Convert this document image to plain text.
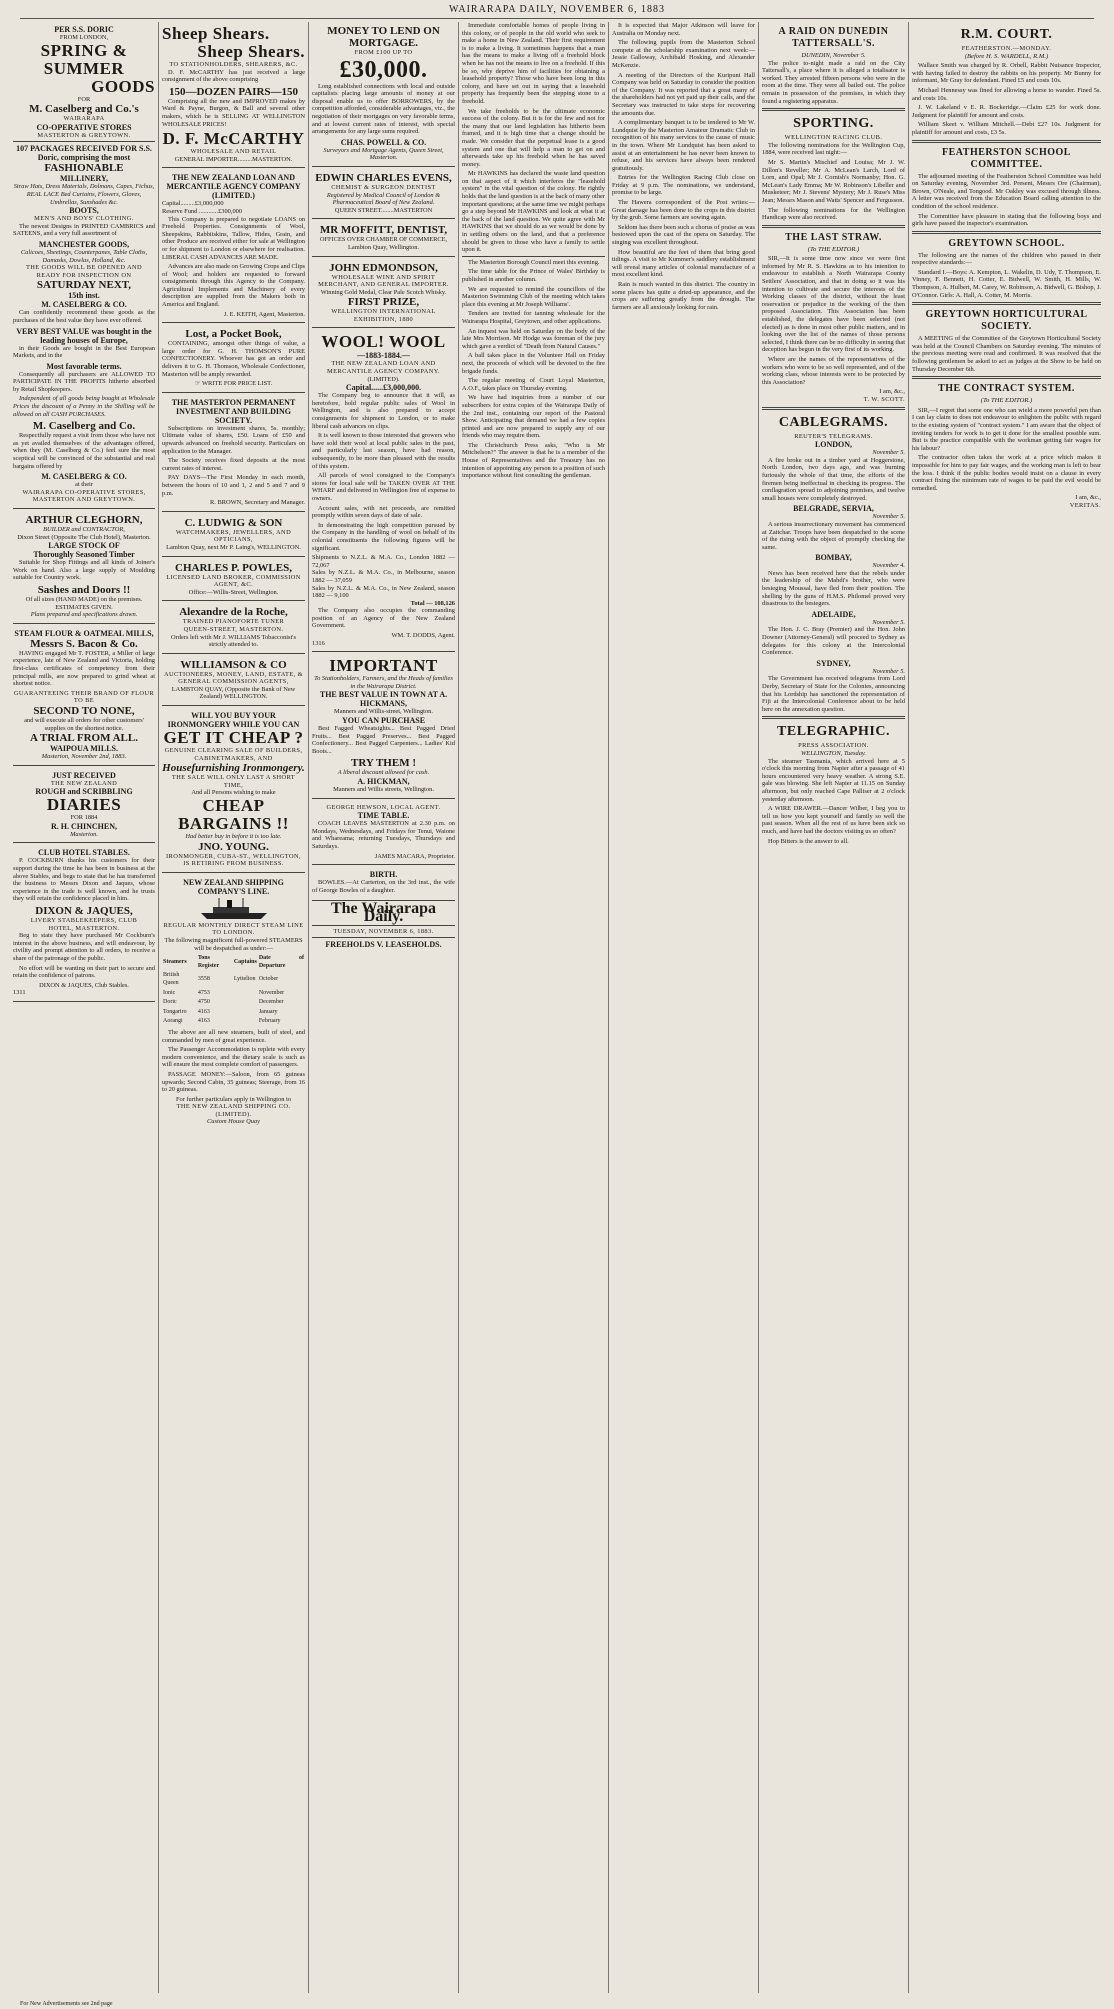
WAIRARAPA DAILY, NOVEMBER 6, 1883
PER S.S. DORIC
FROM LONDON,
SPRING &
SUMMER
GOODS
FOR
M. Caselberg and Co.'s
WAIRARAPA
CO-OPERATIVE STORES
MASTERTON & GREYTOWN.
107 PACKAGES RECEIVED FOR S.S. Doric, comprising the most
FASHIONABLE
MILLINERY,
Straw Hats, Dress Materials, Dolmans, Capes, Fichus, REAL LACE Bed Curtains, Flowers, Gloves, Umbrellas, Sunshades &c.
BOOTS,
MEN'S AND BOYS' CLOTHING.

The newest Designs in PRINTED CAMBRICS and SATEENS, and a very full assortment of

MANCHESTER GOODS,
Calicoes, Sheetings, Counterpanes, Table Cloths, Damasks, Dowlas, Holland, &c.
THE GOODS WILL BE OPENED AND READY FOR INSPECTION ON
SATURDAY NEXT,
15th inst.
M. CASELBERG & CO.

Can confidently recommend these goods as the purchases of the best value they have ever offered.

VERY BEST VALUE was bought in the leading houses of Europe,

in their Goods are bought in the Best European Markets, and in the

Most favorable terms.

Consequently all purchasers are ALLOWED TO PARTICIPATE IN THE PROFITS hitherto absorbed by Retail Shopkeepers.

Independent of all goods being bought at Wholesale Prices the discount of a Penny in the Shilling will be allowed on all CASH PURCHASES.

M. Caselberg and Co.

Respectfully request a visit from those who have not as yet availed themselves of the advantages offered, when they (M. Caselberg & Co.) feel sure the most sceptical will be convinced of the substantial and real bargains offered by

M. CASELBERG & CO.
at their
WAIRARAPA CO-OPERATIVE STORES,
MASTERTON AND GREYTOWN.
ARTHUR CLEGHORN,
BUILDER and CONTRACTOR,
Dixon Street (Opposite The Club Hotel), Masterton.
LARGE STOCK OF
Thoroughly Seasoned Timber

Suitable for Shop Fittings and all kinds of Joiner's Work on hand. Also a large supply of Moulding suitable for Country work.

Sashes and Doors !!
Of all sizes (HAND MADE) on the premises. ESTIMATES GIVEN.
Plans prepared and specifications drawn.
STEAM FLOUR & OATMEAL MILLS,
Messrs S. Bacon & Co.

HAVING engaged Mr T. FOSTER, a Miller of large experience, late of New Zealand and Victoria, holding first-class certificates of competency from their principal mills, are now prepared to grind wheat at shortest notice.

GUARANTEEING THEIR BRAND OF FLOUR TO BE
SECOND TO NONE,
and will execute all orders for other customers' supplies on the shortest notice.
A TRIAL FROM ALL.
WAIPOUA MILLS.
Masterton, November 2nd, 1883.
JUST RECEIVED
THE NEW ZEALAND
ROUGH and SCRIBBLING
DIARIES
FOR 1884
R. H. CHINCHEN,
Masterton.
CLUB HOTEL STABLES.

P. COCKBURN thanks his customers for their support during the time he has been in business at the above Stables, and begs to state that he has transferred the business to Messrs Dixon and Jaques, whose experience in the trade is well known, and he trusts they will retain the confidence placed in him.

DIXON & JAQUES,
LIVERY STABLEKEEPERS, CLUB
HOTEL, MASTERTON.

Beg to state they have purchased Mr Cockburn's interest in the above business, and will endeavour, by civility and prompt attention to all orders, to receive a share of the patronage of the public.

No effort will be wanting on their part to secure and retain the confidence of patrons.

DIXON & JAQUES, Club Stables.
1311
Sheep Shears.
Sheep Shears.
TO STATIONHOLDERS, SHEARERS, &C.

D. F. McCARTHY has just received a large consignment of the above comprising

150—DOZEN PAIRS—150

Comprising all the new and IMPROVED makes by Ward & Payne, Burgon, & Ball and several other makers, which he is SELLING AT WELLINGTON WHOLESALE PRICES!

D. F. McCARTHY
WHOLESALE AND RETAIL
GENERAL IMPORTER.........MASTERTON.
THE NEW ZEALAND LOAN AND MERCANTILE AGENCY COMPANY (LIMITED.)
Capital.........£3,000,000
Reserve Fund ............£300,000

This Company is prepared to negotiate LOANS on Freehold Properties. Consignments of Wool, Sheepskins, Rabbitskins, Tallow, Hides, Grain, and other Produce are received either for sale at Wellington or for shipment to London or elsewhere for realisation. LIBERAL CASH ADVANCES ARE MADE.

Advances are also made on Growing Crops and Clips of Wool; and holders are requested to forward consignments through this Agency to the Company. Agricultural Implements and Machinery of every description are supplied from the Makers both in America and England.

J. E. KEITH, Agent, Masterton.
Lost, a Pocket Book,

CONTAINING, amongst other things of value, a large order for G. H. THOMSON'S PURE CONFECTIONERY. Whoever has got an order and delivers it to G. H. Thomson, Wholesale Confectioner, Masterton will be amply rewarded.

☞ WRITE FOR PRICE LIST.
THE MASTERTON PERMANENT INVESTMENT AND BUILDING SOCIETY.

Subscriptions on investment shares, 5s. monthly; Ultimate value of shares, £50. Loans of £50 and upwards advanced on freehold security. Particulars on application to the Manager.

The Society receives fixed deposits at the most current rates of interest.

PAY DAYS—The First Monday in each month, between the hours of 10 and 1, 2 and 5 and 7 and 9 p.m.

R. BROWN, Secretary and Manager.
C. LUDWIG & SON
WATCHMAKERS, JEWELLERS, AND OPTICIANS,
Lambton Quay, next Mr P. Laing's, WELLINGTON.
CHARLES P. POWLES,
LICENSED LAND BROKER, COMMISSION AGENT, &C.
Office:—Willis-Street, Wellington.
Alexandre de la Roche,
TRAINED PIANOFORTE TUNER
QUEEN-STREET, MASTERTON.
Orders left with Mr J. WILLIAMS Tobacconist's strictly attended to.
WILLIAMSON & CO
AUCTIONEERS, MONEY, LAND, ESTATE, & GENERAL COMMISSION AGENTS,
LAMBTON QUAY, (Opposite the Bank of New Zealand) WELLINGTON.
WILL YOU BUY YOUR IRONMONGERY WHILE YOU CAN
GET IT CHEAP ?
GENUINE CLEARING SALE OF BUILDERS, CABINETMAKERS, AND
Housefurnishing Ironmongery.
THE SALE WILL ONLY LAST A SHORT TIME,
And all Persons wishing to make
CHEAP BARGAINS !!
Had better buy in before it is too late.
JNO. YOUNG.
IRONMONGER, CUBA-ST., WELLINGTON, IS RETIRING FROM BUSINESS.
NEW ZEALAND SHIPPING COMPANY'S LINE.
REGULAR MONTHLY DIRECT STEAM LINE TO LONDON.
The following magnificent full-powered STEAMERS will be despatched as under:—
Steamers	Tons Register	Captains	Date of Departure
British Queen	3558	Lyttelton	October
Ionic	4753		November
Doric	4750		December
Tongariro	4163		January
Aorangi	4163		February

The above are all new steamers, built of steel, and commanded by men of great experience.

The Passenger Accommodation is replete with every modern convenience, and the dietary scale is such as will ensure the most complete comfort of passengers.

PASSAGE MONEY:—Saloon, from 65 guineas upwards; Second Cabin, 35 guineas; Steerage, from 16 to 20 guineas.

For further particulars apply in Wellington to
THE NEW ZEALAND SHIPPING CO. (LIMITED).
Custom House Quay
MONEY TO LEND ON MORTGAGE.
FROM £100 UP TO
£30,000.

Long established connections with local and outside capitalists placing large amounts of money at our disposal enable us to offer BORROWERS, by the competition afforded, considerable advantages, viz., the negotiation of their mortgages on very favorable terms, and at lowest current rates of interest, with special arrangements for any large sums required.

CHAS. POWELL & CO.
Surveyors and Mortgage Agents, Queen Street, Masterton.
EDWIN CHARLES EVENS,
CHEMIST & SURGEON DENTIST
Registered by Medical Council of London & Pharmaceutical Board of New Zealand.
QUEEN STREET........MASTERTON
MR MOFFITT, DENTIST,
OFFICES OVER CHAMBER OF COMMERCE, Lambton Quay, Wellington.
JOHN EDMONDSON,
WHOLESALE WINE AND SPIRIT MERCHANT, AND GENERAL IMPORTER.
Winning Gold Medal, Clear Pale Scotch Whisky.
FIRST PRIZE,
WELLINGTON INTERNATIONAL EXHIBITION, 1880
WOOL! WOOL
—1883-1884.—
THE NEW ZEALAND LOAN AND MERCANTILE AGENCY COMPANY.
(LIMITED).
Capital......£3,000,000.

The Company beg to announce that it will, as heretofore, hold regular public sales of Wool in Wellington, and is also prepared to accept consignments for shipment to London, or to make liberal cash advances on clips.

It is well known to those interested that growers who have sold their wool at local public sales in the past, and particularly last season, have had reason, subsequently, to be more than pleased with the results of this system.

All parcels of wool consigned to the Company's stores for local sale will be TAKEN OVER AT THE WHARF and delivered in Wellington free of expense to owners.

Account sales, with net proceeds, are remitted promptly within seven days of date of sale.

In demonstrating the high competition pursued by the Company in the handling of wool on behalf of its colonial constituents the following figures will be significant.

Shipments to N.Z.L. & M.A. Co., London 1882 — 72,067
Sales by N.Z.L. & M.A. Co., in Melbourne, season 1882 — 37,059
Sales by N.Z.L. & M.A. Co., in New Zealand, season 1882 — 9,100
Total — 108,126

The Company also occupies the commanding position of an Agency of the New Zealand Government.

WM. T. DODDS, Agent.
1316
IMPORTANT
To Stationholders, Farmers, and the Heads of families in the Wairarapa District.
THE BEST VALUE IN TOWN AT A. HICKMANS,
Manners and Willis-street, Wellington.
YOU CAN PURCHASE

Best Fagged Wheatsights... Best Pagged Dried Fruits... Best Pagged Preserves... Best Pagged Confectionery... Best Pagged Carpenters... Ladies' Kid Boots...

TRY THEM !
A liberal discount allowed for cash.
A. HICKMAN,
Manners and Willis streets, Wellington.
GEORGE HEWSON, LOCAL AGENT.
TIME TABLE.

COACH LEAVES MASTERTON at 2.30 p.m. on Mondays, Wednesdays, and Fridays for Tenui, Waione and Whareama; returning Tuesdays, Thursdays and Saturdays.

JAMES MACARA, Proprietor.
BIRTH.

BOWLES.—At Carterton, on the 3rd inst., the wife of George Bowles of a daughter.

The Wairarapa Daily.
TUESDAY, NOVEMBER 6, 1883.
FREEHOLDS V. LEASEHOLDS.

Immediate comfortable homes of people living in this colony, or of people in the old world who seek to make a home in New Zealand. Their first requirement is to make a living. It sometimes happens that a man has the means to make a living off a freehold block when he has not the means to live on a freehold. If this be so, why deprive him of facilities for obtaining a leasehold property? Those who have been long in this colony, and have set out in saying that a leasehold property has frequently been the stepping stone to a freehold.

We take freeholds to be the ultimate economic success of the colony. But it is for the few and not for the many that our land legislation has hitherto been framed, and it is high time that a change should be made. We consider that the perpetual lease is a good system and one that will help a man to get on and afterwards take up his freehold when he has saved money.

Mr HAWKINS has declared the waste land question on that aspect of it which interferes the "leasehold system" in the vital question of the colony. He rightly holds that the land question is at the back of many other important questions; at the same time we might perhaps go a step beyond Mr HAWKINS and look at what it at the back of the land question. We quite agree with Mr HAWKINS that we should do as we would be done by in settling others on the land, and that a preference should be given to those who have a family to settle upon it.

The Masterton Borough Council meet this evening.

The time table for the Prince of Wales' Birthday is published in another column.

We are requested to remind the councillors of the Masterton Swimming Club of the meeting which takes place this evening at Mr Joseph Williams'.

Tenders are invited for tanning wholesale for the Wairarapa Hospital, Greytown, and other applications.

An inquest was held on Saturday on the body of the late Mrs Morrison. Mr Hodge was foreman of the jury which gave a verdict of "Death from Natural Causes."

A ball takes place in the Volunteer Hall on Friday next, the proceeds of which will be devoted to the fire brigade funds.

The regular meeting of Court Loyal Masterton, A.O.F., takes place on Thursday evening.

We have had inquiries from a number of our subscribers for extra copies of the Wairarapa Daily of the 2nd inst., containing our report of the Pastoral Show. Anticipating that demand we had a few copies printed and are now prepared to supply any of our friends who may require them.

The Christchurch Press asks, "Who is Mr Mitchelson?" The answer is that he is a member of the House of Representatives and the Treasury has no intention of appointing any person to a position of such importance without first consulting the gentleman.

It is expected that Major Atkinson will leave for Australia on Monday next.

The following pupils from the Masterton School compete at the scholarship examination next week:—Jessie Galloway, Archibald Hosking, and Alexander McKenzie.

A meeting of the Directors of the Kuripuni Hall Company was held on Saturday to consider the position of the Company. It was reported that a great many of the shareholders had not yet paid up their calls, and the Secretary was instructed to take steps for recovering the amounts due.

A complimentary banquet is to be tendered to Mr W. Lundquist by the Masterton Amateur Dramatic Club in recognition of his many services to the cause of music in the town. Where Mr Lundquist has been asked to assist at an entertainment he has never been known to refuse, and his services have always been rendered gratuitously.

Entries for the Wellington Racing Club close on Friday at 9 p.m. The nominations, we understand, promise to be large.

The Hawera correspondent of the Post writes:—Great damage has been done to the crops in this district by the grub. Some farmers are sowing again.

Seldom has there been such a chorus of praise as was bestowed upon the cast of the opera on Saturday. The singing was excellent throughout.

How beautiful are the feet of them that bring good tidings. A visit to Mr Kummer's saddlery establishment will reveal many articles of colonial manufacture of a most excellent kind.

Rain is much wanted in this district. The country in some places has quite a dried-up appearance, and the crops are suffering greatly from the drought. The farmers are all anxiously looking for rain.

A RAID ON DUNEDIN TATTERSALL'S.
DUNEDIN, November 5.

The police to-night made a raid on the City Tattersall's, a place where it is alleged a totalisator is worked. They arrested fifteen persons who were in the room at the time. They were all bailed out. The police remain in possession of the premises, in which they found a registering apparatus.

SPORTING.
WELLINGTON RACING CLUB.

The following nominations for the Wellington Cup, 1884, were received last night:—

Mr S. Martin's Mischief and Louisa; Mr J. W. Dillon's Reveller; Mr A. McLean's Larch, Lord of Lorn, and Opal; Mr J. Cornish's Normanby; Hon. G. McLean's Lady Emma; Mr W. Robinson's Libeller and Musketeer; Mr J. Stevens' Mystery; Mr J. Ruse's Miss Jean; Messrs Mason and Watts' Spencer and Fergusson.

The following nominations for the Wellington Handicap were also received.

THE LAST STRAW.
(To THE EDITOR.)

SIR,—It is some time now since we were first informed by Mr R. S. Hawkins as to his intention to endeavour to establish a North Wairarapa County Settlers' Association, and that in doing so it was his intention to cultivate and secure the interests of the Working classes of the district, without the least reservation or prejudice in the working of the then proposed Association. This Association has been established, the delegates have been selected (not elected) as is done in most other public matters, and in looking over the list of the names of those persons selected, I think there can be no difficulty in seeing that deception has begun in the very first of its working.

Where are the names of the representatives of the workers who were to be so well represented, and of the working class, whose interests were to be protected by this Association?

I am, &c.,
T. W. SCOTT.
CABLEGRAMS.
REUTER'S TELEGRAMS.
LONDON,
November 5.

A fire broke out in a timber yard at Hoggerstone, North London, two days ago, and was burning furiously the whole of that time, the efforts of the firemen being ineffectual in checking its progress. The conflagration spread to adjoining premises, and twelve small houses were completely destroyed.

BELGRADE, SERVIA,
November 5.

A serious insurrectionary movement has commenced at Zaitchar. Troops have been despatched to the scene of the rising with the object of promptly checking the same.

BOMBAY,
November 4.

News has been received here that the rebels under the leadership of the Mahdi's brother, who were besieging Moussal, have fled from their position. The shelling by the guns of H.M.S. Philomel proved very disastrous to the besiegers.

ADELAIDE,
November 5.

The Hon. J. C. Bray (Premier) and the Hon. John Downer (Attorney-General) will proceed to Sydney as delegates for this colony at the Intercolonial Conference.

SYDNEY,
November 5.

The Government has received telegrams from Lord Derby, Secretary of State for the Colonies, announcing that his Lordship has sanctioned the representation of Fiji at the Intercolonial Conference about to be held here on the annexation question.

TELEGRAPHIC.
PRESS ASSOCIATION.
WELLINGTON, Tuesday.

The steamer Tasmania, which arrived here at 5 o'clock this morning from Napier after a passage of 41 hours encountered very heavy weather. A strong S.E. gale was blowing. She left Napier at 11.15 on Sunday afternoon, but only reached Cape Palliser at 2 o'clock yesterday afternoon.

A WIRE DRAWER.—Dancer Wilber, I beg you to tell us how you kept yourself and family so well the past season. When all the rest of us have been sick so much, and have had the doctors visiting us so often?

Hop Bitters is the answer to all.

R.M. COURT.
FEATHERSTON.—MONDAY.
(Before H. S. WARDELL, R.M.)

Wallace Smith was charged by R. Orbell, Rabbit Nuisance Inspector, with having failed to destroy the rabbits on his property. Mr Bunny for informant, Mr Gray for defendant. Fined £5 and costs 10s.

Michael Hennessy was fined for allowing a horse to wander. Fined 5s. and costs 10s.

J. W. Lakeland v E. R. Bockeridge.—Claim £25 for work done. Judgment for plaintiff for amount and costs.

William Skeet v. William Mitchell.—Debt £27 10s. Judgment for plaintiff for amount and costs, £3 5s.

FEATHERSTON SCHOOL COMMITTEE.

The adjourned meeting of the Featherston School Committee was held on Saturday evening, November 3rd. Present, Messrs Ore (Chairman), Brown, O'Neale, and Tongood. Mr Oakley was excused through illness. A letter was received from the Education Board calling attention to the condition of the school residence.

The Committee have pleasure in stating that the following boys and girls have passed the inspector's examination.

GREYTOWN SCHOOL.

The following are the names of the children who passed in their respective standards:—

Standard I.—Boys: A. Kempton, L. Wakelin, D. Udy, T. Thompson, E. Vinney, F. Bennett, H. Cotter, E. Bidwell, W. Smith, H. Mills, W. Thompson, A. Hulbert, M. Carey, W. Robinson, A. Bidwell, G. Bishop, J. O'Connor. Girls: A. Hall, A. Cotter, M. Morris.

GREYTOWN HORTICULTURAL SOCIETY.

A MEETING of the Committee of the Greytown Horticultural Society was held at the Council Chambers on Saturday evening. The minutes of the previous meeting were read and confirmed. It was resolved that the following gentlemen be asked to act as judges at the Show to be held on Thursday December 6th.

THE CONTRACT SYSTEM.
(To THE EDITOR.)

SIR,—I regret that some one who can wield a more powerful pen than I can lay claim to does not endeavour to enlighten the public with regard to the existing system of "contract system." I am aware that the object of inviting tenders for work is to get it done for the smallest possible sum. But is the practice compatible with the workman getting fair wages for his labour?

The contractor often takes the work at a price which makes it impossible for him to pay fair wages, and the working man is left to bear the loss. I think if the public bodies would insist on a clause in every contract fixing the minimum rate of wages to be paid the evil would be remedied.

I am, &c.,
VERITAS.
For New Advertisements see 2nd page
